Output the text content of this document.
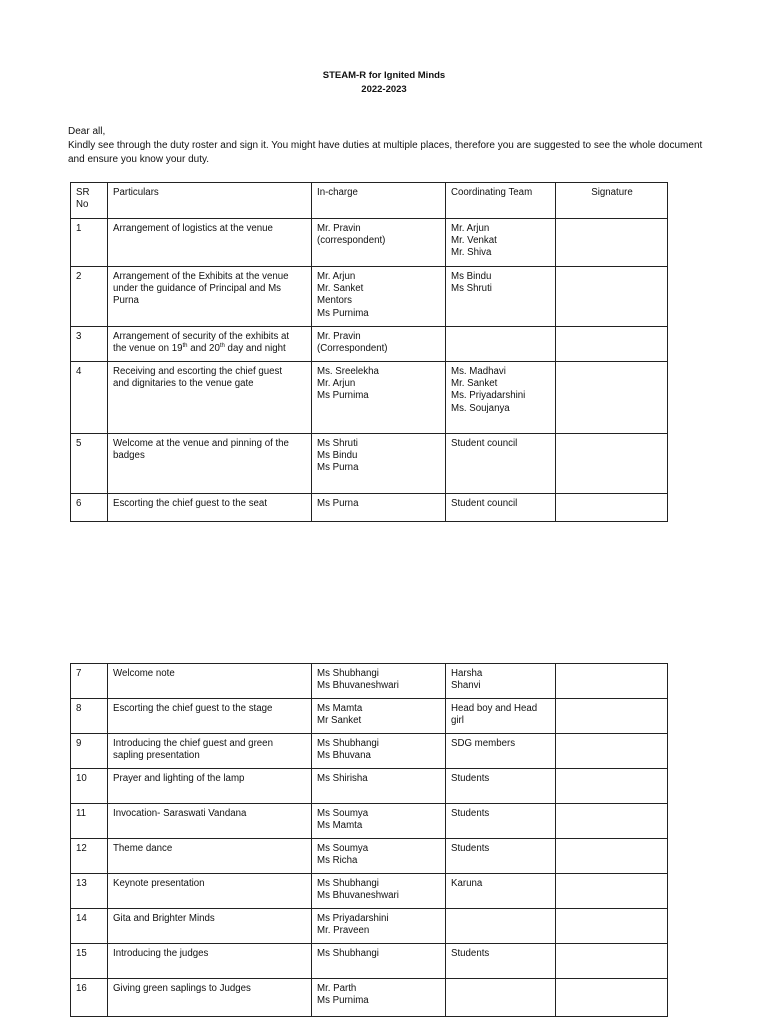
STEAM-R for Ignited Minds
2022-2023
Dear all,
Kindly see through the duty roster and sign it. You might have duties at multiple places, therefore you are suggested to see the whole document and ensure you know your duty.
SR
No	Particulars	In-charge	Coordinating Team	Signature
1	Arrangement of logistics at the venue	Mr. Pravin
(correspondent)	Mr. Arjun
Mr. Venkat
Mr. Shiva	

2	Arrangement of the Exhibits at the venue
under the guidance of Principal and Ms
Purna	Mr. Arjun
Mr. Sanket
Mentors
Ms Purnima	Ms Bindu
Ms Shruti	

3	Arrangement of security of the exhibits at
the venue on 19th and 20th day and night	Mr. Pravin
(Correspondent)		

4	Receiving and escorting the chief guest
and dignitaries to the venue gate	Ms. Sreelekha
Mr. Arjun
Ms Purnima	Ms. Madhavi
Mr. Sanket
Ms. Priyadarshini
Ms. Soujanya	

5	Welcome at the venue and pinning of the
badges	Ms Shruti
Ms Bindu
Ms Purna	Student council	

6	Escorting the chief guest to the seat	Ms Purna	Student council	

7	Welcome note	Ms Shubhangi
Ms Bhuvaneshwari	Harsha
Shanvi	

8	Escorting the chief guest to the stage	Ms Mamta
Mr Sanket	Head boy and Head
girl	

9	Introducing the chief guest and green
sapling presentation	Ms Shubhangi
Ms Bhuvana	SDG members	

10	Prayer and lighting of the lamp	Ms Shirisha	Students	

11	Invocation- Saraswati Vandana	Ms Soumya
Ms Mamta	Students	

12	Theme dance	Ms Soumya
Ms Richa	Students	

13	Keynote presentation	Ms Shubhangi
Ms Bhuvaneshwari	Karuna	

14	Gita and Brighter Minds	Ms Priyadarshini
Mr. Praveen		

15	Introducing the judges	Ms Shubhangi	Students	

16	Giving green saplings to Judges	Mr. Parth
Ms Purnima		
